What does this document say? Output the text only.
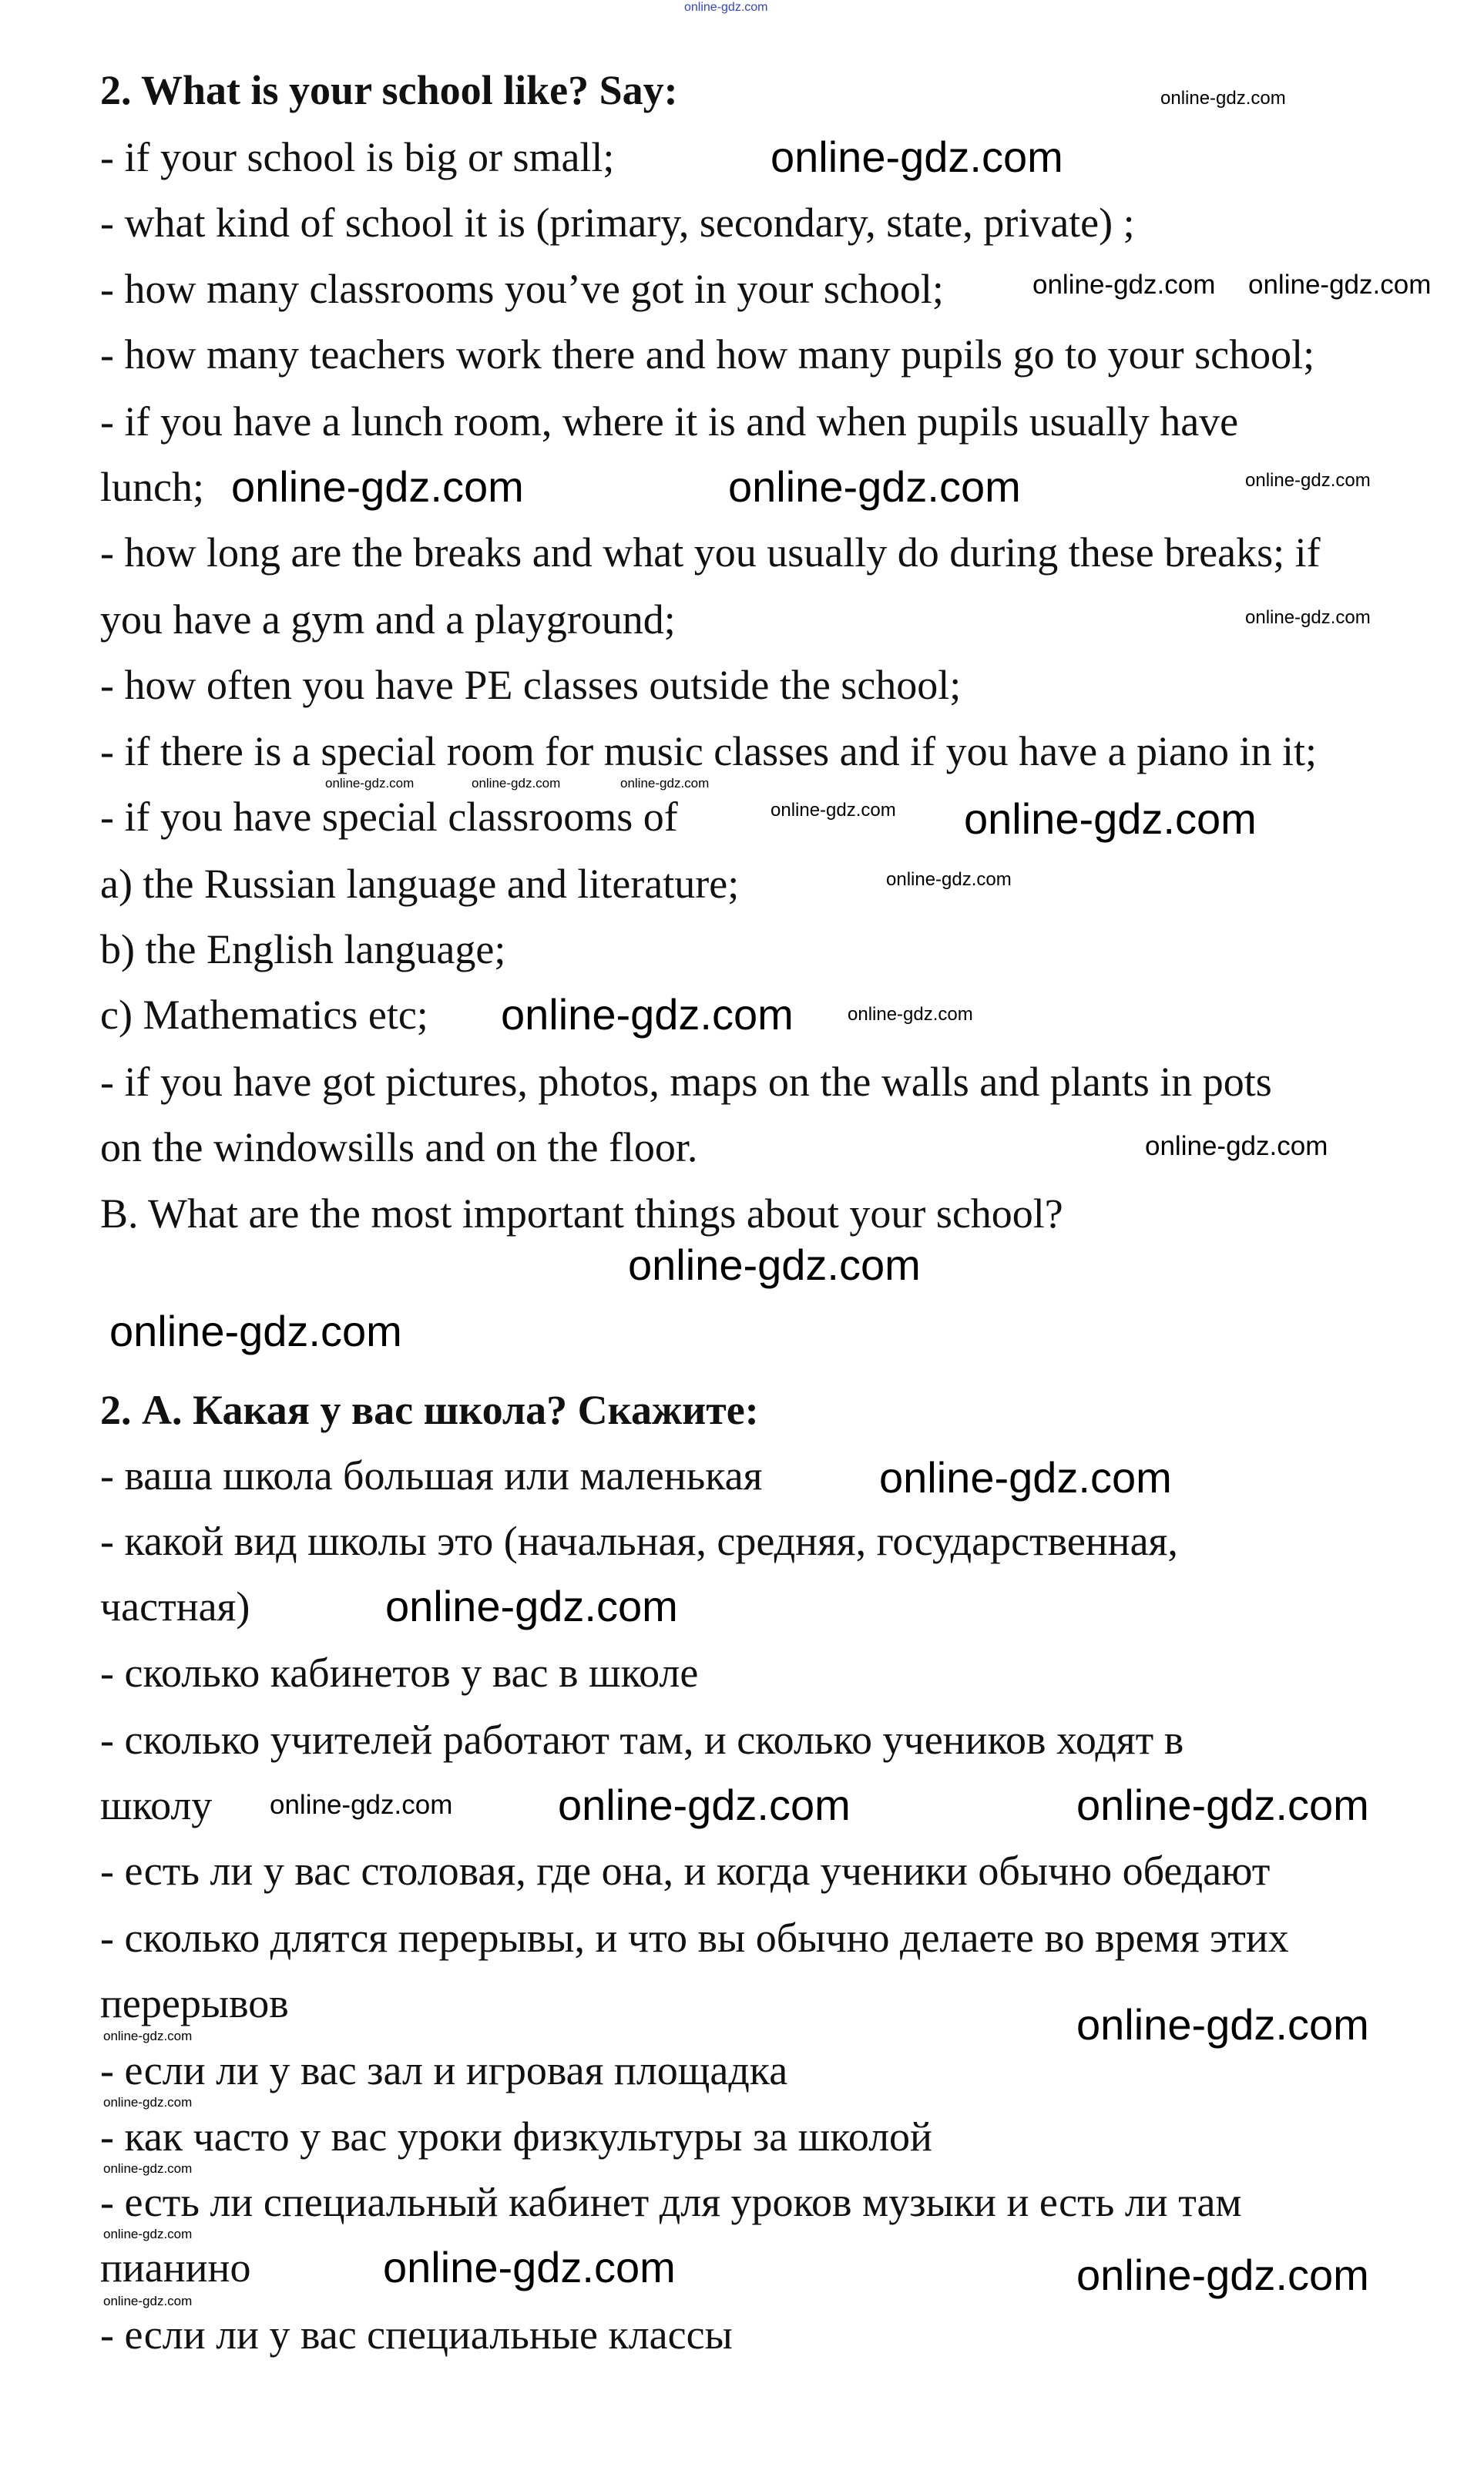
2. What is your school like? Say:
- if your school is big or small;
- what kind of school it is (primary, secondary, state, private) ;
- how many classrooms you’ve got in your school;
- how many teachers work there and how many pupils go to your school;
- if you have a lunch room, where it is and when pupils usually have
lunch;
- how long are the breaks and what you usually do during these breaks; if
you have a gym and a playground;
- how often you have PE classes outside the school;
- if there is a special room for music classes and if you have a piano in it;
- if you have special classrooms of
a) the Russian language and literature;
b) the English language;
c) Mathematics etc;
- if you have got pictures, photos, maps on the walls and plants in pots
on the windowsills and on the floor.
B. What are the most important things about your school?
2. А. Какая у вас школа? Скажите:
- ваша школа большая или маленькая
- какой вид школы это (начальная, средняя, государственная,
частная)
- сколько кабинетов у вас в школе
- сколько учителей работают там, и сколько учеников ходят в
школу
- есть ли у вас столовая, где она, и когда ученики обычно обедают
- сколько длятся перерывы, и что вы обычно делаете во время этих
перерывов
- если ли у вас зал и игровая площадка
- как часто у вас уроки физкультуры за школой
- есть ли специальный кабинет для уроков музыки и есть ли там
пианино
- если ли у вас специальные классы
online-gdz.com
online-gdz.com
online-gdz.com
online-gdz.com online-gdz.com
online-gdz.com	online-gdz.com	online-gdz.com
online-gdz.com
online-gdz.com	online-gdz.com	online-gdz.com
online-gdz.com online-gdz.com
online-gdz.com
online-gdz.com	online-gdz.com
online-gdz.com
online-gdz.com
online-gdz.com
online-gdz.com
online-gdz.com
online-gdz.com
online-gdz.com
online-gdz.com
online-gdz.com
online-gdz.com
online-gdz.com
online-gdz.com
online-gdz.com
online-gdz.com
online-gdz.com
online-gdz.com
